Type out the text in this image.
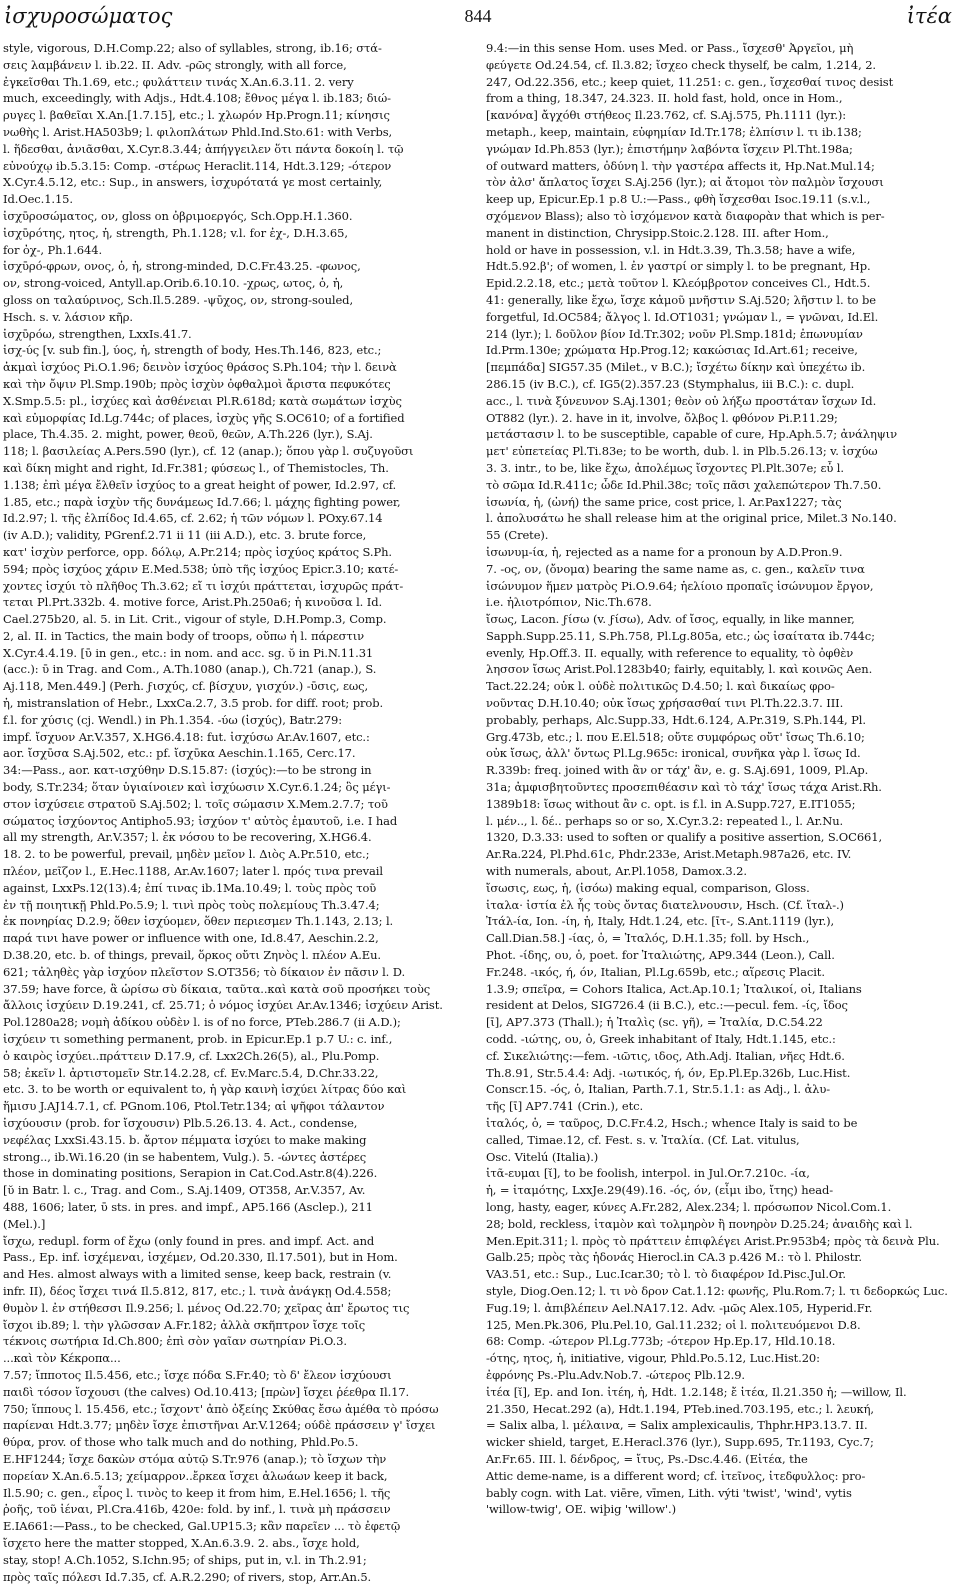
ἰσχυροσώματος	844	ἰτέα

style, vigorous, D.H.Comp.22; also of syllables, strong, ib.16; στά-

σεις λαμβάνειν l. ib.22. II. Adv. -ρῶς strongly, with all force,

ἐγκεῖσθαι Th.1.69, etc.; φυλάττειν τινάς X.An.6.3.11. 2. very

much, exceedingly, with Adjs., Hdt.4.108; ἔθνος μέγα l. ib.183; διώ-

ρυγες l. βαθεῖαι X.An.[1.7.15], etc.; l. χλωρόν Hp.Progn.11; κίνησις

νωθὴς l. Arist.HA503b9; l. φιλοπλάτων Phld.Ind.Sto.61: with Verbs,

l. ἥδεσθαι, ἀνιᾶσθαι, X.Cyr.8.3.44; ἀπήγγειλεν ὅτι πάντα δοκοίη l. τῷ

εὐνούχῳ ib.5.3.15: Comp. -στέρως Heraclit.114, Hdt.3.129; -ότερον

X.Cyr.4.5.12, etc.: Sup., in answers, ἰσχυρότατά γε most certainly,

Id.Oec.1.15.

ἰσχῡροσώματος, ον, gloss on ὀβριμοεργός, Sch.Opp.H.1.360.

ἰσχῡρότης, ητος, ἡ, strength, Ph.1.128; v.l. for ἐχ-, D.H.3.65,

for ὀχ-, Ph.1.644.

ἰσχῡρό-φρων, ονος, ὁ, ἡ, strong-minded, D.C.Fr.43.25. -φωνος,

ον, strong-voiced, Antyll.ap.Orib.6.10.10. -χρως, ωτος, ὁ, ἡ,

gloss on ταλαύρινος, Sch.Il.5.289. -ψῡχος, ον, strong-souled,

Hsch. s. v. λάσιον κῆρ.

ἰσχῡρόω, strengthen, LxxIs.41.7.

ἰσχ-ύς [v. sub fin.], ύος, ἡ, strength of body, Hes.Th.146, 823, etc.;

ἀκμαὶ ἰσχύος Pi.O.1.96; δεινὸν ἰσχύος θράσος S.Ph.104; τὴν l. δεινὰ

καὶ τὴν ὄψιν Pl.Smp.190b; πρὸς ἰσχὺν ὀφθαλμοὶ ἄριστα πεφυκότες

X.Smp.5.5: pl., ἰσχύες καὶ ἀσθένειαι Pl.R.618d; κατὰ σωμάτων ἰσχὺς

καὶ εὐμορφίας Id.Lg.744c; of places, ἰσχὺς γῆς S.OC610; of a fortified

place, Th.4.35. 2. might, power, θεοῦ, θεῶν, A.Th.226 (lyr.), S.Aj.

118; l. βασιλείας A.Pers.590 (lyr.), cf. 12 (anap.); ὅπου γὰρ l. συζυγοῦσι

καὶ δίκη might and right, Id.Fr.381; φύσεως l., of Themistocles, Th.

1.138; ἐπὶ μέγα ἔλθεῖν ἰσχύος to a great height of power, Id.2.97, cf.

1.85, etc.; παρὰ ἰσχὺν τῆς δυνάμεως Id.7.66; l. μάχης fighting power,

Id.2.97; l. τῆς ἐλπίδος Id.4.65, cf. 2.62; ἡ τῶν νόμων l. POxy.67.14

(iv A.D.); validity, PGrenf.2.71 ii 11 (iii A.D.), etc. 3. brute force,

κατ' ἰσχὺν perforce, opp. δόλῳ, A.Pr.214; πρὸς ἰσχύος κράτος S.Ph.

594; πρὸς ἰσχύος χάριν E.Med.538; ὑπὸ τῆς ἰσχύος Epicr.3.10; κατέ-

χοντες ἰσχύι τὸ πλῆθος Th.3.62; εἴ τι ἰσχύι πράττεται, ἰσχυρῶς πράτ-

τεται Pl.Prt.332b. 4. motive force, Arist.Ph.250a6; ἡ κινοῦσα l. Id.

Cael.275b20, al. 5. in Lit. Crit., vigour of style, D.H.Pomp.3, Comp.

2, al. II. in Tactics, the main body of troops, οὔπω ἡ l. πάρεστιν

X.Cyr.4.4.19. [ῡ in gen., etc.: in nom. and acc. sg. ῠ in Pi.N.11.31

(acc.): ῡ in Trag. and Com., A.Th.1080 (anap.), Ch.721 (anap.), S.

Aj.118, Men.449.] (Perh. ϝισχύς, cf. βίσχυν, γισχύν.) -ῡσις, εως,

ἡ, mistranslation of Hebr., LxxCa.2.7, 3.5 prob. for diff. root; prob.

f.l. for χύσις (cj. Wendl.) in Ph.1.354. -ύω (ἰσχύς), Batr.279:

impf. ἴσχυον Ar.V.357, X.HG6.4.18: fut. ἰσχύσω Ar.Av.1607, etc.:

aor. ἴσχῡσα S.Aj.502, etc.: pf. ἴσχῡκα Aeschin.1.165, Cerc.17.

34:—Pass., aor. κατ-ισχύθην D.S.15.87: (ἰσχύς):—to be strong in

body, S.Tr.234; ὅταν ὑγιαίνοιεν καὶ ἰσχύωσιν X.Cyr.6.1.24; ὃς μέγι-

στον ἰσχύσειε στρατοῦ S.Aj.502; l. τοῖς σώμασιν X.Mem.2.7.7; τοῦ

σώματος ἰσχύοντος Antipho5.93; ἰσχύον τ' αὐτὸς ἐμαυτοῦ, i.e. I had

all my strength, Ar.V.357; l. ἐκ νόσου to be recovering, X.HG6.4.

18. 2. to be powerful, prevail, μηδὲν μεῖον l. Διὸς A.Pr.510, etc.;

πλέον, μεῖζον l., E.Hec.1188, Ar.Av.1607; later l. πρός τινα prevail

against, LxxPs.12(13).4; ἐπί τινας ib.1Ma.10.49; l. τοὺς πρὸς τοῦ

ἐν τῇ ποιητικῇ Phld.Po.5.9; l. τινὶ πρὸς τοὺς πολεμίους Th.3.47.4;

ἐκ πονηρίας D.2.9; ὅθεν ἰσχύομεν, ὅθεν περιεσμεν Th.1.143, 2.13; l.

παρά τινι have power or influence with one, Id.8.47, Aeschin.2.2,

D.38.20, etc. b. of things, prevail, ὅρκος οὔτι Ζηνὸς l. πλέον A.Eu.

621; τἀληθὲς γὰρ ἰσχύον πλεῖστον S.OT356; τὸ δίκαιον ἐν πᾶσιν l. D.

37.59; have force, ἃ ὡρίσω σὺ δίκαια, ταῦτα..καὶ κατὰ σοῦ προσήκει τοὺς

ἄλλοις ἰσχύειν D.19.241, cf. 25.71; ὁ νόμος ἰσχύει Ar.Av.1346; ἰσχύειν Arist.

Pol.1280a28; νομὴ ἀδίκου οὐδὲν l. is of no force, PTeb.286.7 (ii A.D.);

ἰσχύειν τι something permanent, prob. in Epicur.Ep.1 p.7 U.: c. inf.,

ὁ καιρὸς ἰσχύει..πράττειν D.17.9, cf. Lxx2Ch.26(5), al., Plu.Pomp.

58; ἐκεῖν l. ἀρτιστομεῖν Str.14.2.28, cf. Ev.Marc.5.4, D.Chr.33.22,

etc. 3. to be worth or equivalent to, ἡ γὰρ καινὴ ἰσχύει λίτρας δύο καὶ

ἥμισυ J.AJ14.7.1, cf. PGnom.106, Ptol.Tetr.134; αἱ ψῆφοι τάλαντον

ἰσχύουσιν (prob. for ἴσχουσιν) Plb.5.26.13. 4. Act., condense,

νεφέλας LxxSi.43.15. b. ἄρτον πέμματα ἰσχύει to make making

strong.., ib.Wi.16.20 (in se habentem, Vulg.). 5. -ώντες ἀστέρες

those in dominating positions, Serapion in Cat.Cod.Astr.8(4).226.

[ῠ in Batr. l. c., Trag. and Com., S.Aj.1409, OT358, Ar.V.357, Av.

488, 1606; later, ῡ sts. in pres. and impf., AP5.166 (Asclep.), 211

(Mel.).]

ἴσχω, redupl. form of ἔχω (only found in pres. and impf. Act. and

Pass., Ep. inf. ἰσχέμεναι, ἰσχέμεν, Od.20.330, Il.17.501), but in Hom.

and Hes. almost always with a limited sense, keep back, restrain (v.

infr. II), δέος ἴσχει τινά Il.5.812, 817, etc.; l. τινὰ ἀνάγκῃ Od.4.558;

θυμὸν l. ἐν στήθεσσι Il.9.256; l. μένος Od.22.70; χεῖρας ἀπ' ἔρωτος τις

ἴσχοι ib.89; l. τὴν γλῶσσαν A.Fr.182; ἀλλὰ σκῆπτρον ἴσχε τοῖς

τέκνοις σωτήρια Id.Ch.800; ἐπὶ σὸν γαῖαν σωτηρίαν Pi.O.3.

...καὶ τὸν Κέκροπα...

7.57; ἴπποτος Il.5.456, etc.; ἴσχε πόδα S.Fr.40; τὸ δ' ἔλεον ἰσχύουσι

παιδὶ τόσον ἴσχουσι (the calves) Od.10.413; [πρὼν] ἴσχει ῥέεθρα Il.17.

750; ἵππους l. 15.456, etc.; ἴσχοντ' ἀπὸ ὀξείης Σκύθας ἔσω ἀμέθα τὸ πρόσω

παρίεναι Hdt.3.77; μηδὲν ἴσχε ἐπιστῆναι Ar.V.1264; ούδὲ πράσσειν γ' ἴσχει

θύρα, prov. of those who talk much and do nothing, Phld.Po.5.

E.HF1244; ἴσχε δακὼν στόμα αὐτῷ S.Tr.976 (anap.); τὸ ἴσχων τὴν

πορείαν X.An.6.5.13; χείμαρρον..ἔρκεα ἴσχει ἀλωάων keep it back,

Il.5.90; c. gen., εἶρος l. τινὸς to keep it from him, E.Hel.1656; l. τῆς

ῥοῆς, τοῦ ἰέναι, Pl.Cra.416b, 420e: fold. by inf., l. τινὰ μὴ πράσσειν

E.IA661:—Pass., to be checked, Gal.UP15.3; κἂν παρεῖεν ... τὸ ἐφετῷ

ἴσχετο here the matter stopped, X.An.6.3.9. 2. abs., ἴσχε hold,

stay, stop! A.Ch.1052, S.Ichn.95; of ships, put in, v.l. in Th.2.91;

πρὸς ταῖς πόλεσι Id.7.35, cf. A.R.2.290; of rivers, stop, Arr.An.5.

9.4:—in this sense Hom. uses Med. or Pass., ἴσχεσθ' Ἀργεῖοι, μὴ

φεύγετε Od.24.54, cf. Il.3.82; ἴσχεο check thyself, be calm, 1.214, 2.

247, Od.22.356, etc.; keep quiet, 11.251: c. gen., ἴσχεσθαί τινος desist

from a thing, 18.347, 24.323. II. hold fast, hold, once in Hom.,

[κανόνα] ἄγχόθι στήθεος Il.23.762, cf. S.Aj.575, Ph.1111 (lyr.):

metaph., keep, maintain, εὐφημίαν Id.Tr.178; ἐλπίσιν l. τι ib.138;

γνώμαν Id.Ph.853 (lyr.); ἐπιστήμην λαβόντα ἴσχειν Pl.Tht.198a;

of outward matters, ὀδύνη l. τὴν γαστέρα affects it, Hp.Nat.Mul.14;

τὸν ἀλσ' ἄπλατος ἴσχει S.Aj.256 (lyr.); αἱ ἄτομοι τὸν παλμὸν ἴσχουσι

keep up, Epicur.Ep.1 p.8 U.:—Pass., φθὴ ἴσχεσθαι Isoc.19.11 (s.v.l.,

σχόμενον Blass); also τὸ ἰσχόμενον κατὰ διαφορὰν that which is per-

manent in distinction, Chrysipp.Stoic.2.128. III. after Hom.,

hold or have in possession, v.l. in Hdt.3.39, Th.3.58; have a wife,

Hdt.5.92.β'; of women, l. ἐν γαστρί or simply l. to be pregnant, Hp.

Epid.2.2.18, etc.; μετὰ τοῦτον l. Κλεόμβροτον conceives Cl., Hdt.5.

41: generally, like ἔχω, ἴσχε κἀμοῦ μνῆστιν S.Aj.520; λῆστιν l. to be

forgetful, Id.OC584; ἄλγος l. Id.OT1031; γνώμαν l., = γνῶναι, Id.El.

214 (lyr.); l. δοῦλον βίον Id.Tr.302; νοῦν Pl.Smp.181d; ἐπωνυμίαν

Id.Prm.130e; χρώματα Hp.Prog.12; κακώσιας Id.Art.61; receive,

[πεμπάδα] SIG57.35 (Milet., v B.C.); ἴσχέτω δίκην καὶ ὑπεχέτω ib.

286.15 (iv B.C.), cf. IG5(2).357.23 (Stymphalus, iii B.C.): c. dupl.

acc., l. τινὰ ξύνευνον S.Aj.1301; θεὸν οὐ λήξω προστάταν ἴσχων Id.

OT882 (lyr.). 2. have in it, involve, ὄλβος l. φθόνον Pi.P.11.29;

μετάστασιν l. to be susceptible, capable of cure, Hp.Aph.5.7; ἀνάληψιν

μετ' εὐπετείας Pl.Ti.83e; to be worth, dub. l. in Plb.5.26.13; v. ἰσχύω

3. 3. intr., to be, like ἔχω, ἀπολέμως ἴσχοντες Pl.Plt.307e; εὖ l.

τὸ σῶμα Id.R.411c; ὧδε Id.Phil.38c; τοῖς πᾶσι χαλεπώτερον Th.7.50.

ἰσωνία, ἡ, (ὠνή) the same price, cost price, l. Ar.Pax1227; τὰς

l. ἀπολυσάτω he shall release him at the original price, Milet.3 No.140.

55 (Crete).

ἰσωνυμ-ία, ἡ, rejected as a name for a pronoun by A.D.Pron.9.

7. -ος, ον, (ὄνομα) bearing the same name as, c. gen., καλεῖν τινα

ἰσώνυμον ἥμεν ματρὸς Pi.O.9.64; ἡελίοιο προπαῖς ἰσώνυμον ἔργον,

i.e. ἡλιοτρόπιον, Nic.Th.678.

ἴσως, Lacon. ϝίσω (v. ϝίσω), Adv. of ἴσος, equally, in like manner,

Sapph.Supp.25.11, S.Ph.758, Pl.Lg.805a, etc.; ὡς ἰσαίτατα ib.744c;

evenly, Hp.Off.3. II. equally, with reference to equality, τὸ ὀφθὲν

λησσον ἴσως Arist.Pol.1283b40; fairly, equitably, l. καὶ κοινῶς Aen.

Tact.22.24; οὐκ l. οὐδὲ πολιτικῶς D.4.50; l. καὶ δικαίως φρο-

νοῦντας D.H.10.40; οὐκ ἴσως χρήσασθαί τινι Pl.Th.22.3.7. III.

probably, perhaps, Alc.Supp.33, Hdt.6.124, A.Pr.319, S.Ph.144, Pl.

Grg.473b, etc.; l. που E.El.518; οὔτε συμφόρως οὔτ' ἴσως Th.6.10;

οὐκ ἴσως, ἀλλ' ὄντως Pl.Lg.965c: ironical, συνῆκα γὰρ l. ἴσως Id.

R.339b: freq. joined with ἂν or τάχ' ἂν, e. g. S.Aj.691, 1009, Pl.Ap.

31a; ἀμφισβητοῦντες προσεπιθέασιν καὶ τὸ τάχ' ἴσως τάχα Arist.Rh.

1389b18: ἴσως without ἂν c. opt. is f.l. in A.Supp.727, E.IT1055;

l. μέν.., l. δέ.. perhaps so or so, X.Cyr.3.2: repeated l., l. Ar.Nu.

1320, D.3.33: used to soften or qualify a positive assertion, S.OC661,

Ar.Ra.224, Pl.Phd.61c, Phdr.233e, Arist.Metaph.987a26, etc. IV.

with numerals, about, Ar.Pl.1058, Damox.3.2.

ἴσωσις, εως, ἡ, (ἰσόω) making equal, comparison, Gloss.

ἰταλα· ἰστία ἐλ ἧς τοὺς ὄντας διατελνουσιν, Hsch. (Cf. ἴταλ-.)

Ἰτάλ-ία, Ion. -ίη, ἡ, Italy, Hdt.1.24, etc. [ῑτ-, S.Ant.1119 (lyr.),

Call.Dian.58.] -ίας, ὁ, = Ἰταλός, D.H.1.35; foll. by Hsch.,

Phot. -ίδης, ου, ὁ, poet. for Ἰταλιώτης, AP9.344 (Leon.), Call.

Fr.248. -ικός, ή, όν, Italian, Pl.Lg.659b, etc.; αἵρεσις Placit.

1.3.9; σπεῖρα, = Cohors Italica, Act.Ap.10.1; Ἰταλικοί, οἱ, Italians

resident at Delos, SIG726.4 (ii B.C.), etc.:—pecul. fem. -ίς, ἴδος

[ῑ], AP7.373 (Thall.); ἡ Ἰταλὶς (sc. γῆ), = Ἰταλία, D.C.54.22

codd. -ιώτης, ου, ὁ, Greek inhabitant of Italy, Hdt.1.145, etc.:

cf. Σικελιώτης:—fem. -ιῶτις, ιδος, Ath.Adj. Italian, νῆες Hdt.6.

Th.8.91, Str.5.4.4: Adj. -ιωτικός, ή, όν, Ep.Pl.Ep.326b, Luc.Hist.

Conscr.15. -ός, ὁ, Italian, Parth.7.1, Str.5.1.1: as Adj., l. ἀλυ-

τῆς [ῑ] AP7.741 (Crin.), etc.

ἰταλός, ὁ, = ταῦρος, D.C.Fr.4.2, Hsch.; whence Italy is said to be

called, Timae.12, cf. Fest. s. v. Ἰταλία. (Cf. Lat. vitulus,

Osc. Vitelú (Italia).)

ἰτᾶ-ευμαι [ῐ], to be foolish, interpol. in Jul.Or.7.210c. -ία,

ἡ, = ἰταμότης, LxxJe.29(49).16. -ός, όν, (εἶμι ibo, ἴτης) head-

long, hasty, eager, κύνες A.Fr.282, Alex.234; l. πρόσωπον Nicol.Com.1.

28; bold, reckless, ἰταμὸν καὶ τολμηρὸν ἢ πονηρὸν D.25.24; ἀναιδὴς καὶ l.

Men.Epit.311; l. πρὸς τὸ πράττειν ἐπιφλέγει Arist.Pr.953b4; πρὸς τὰ δεινὰ Plu.

Galb.25; πρὸς τὰς ἡδονάς Hierocl.in CA.3 p.426 M.: τὸ l. Philostr.

VA3.51, etc.: Sup., Luc.Icar.30; τὸ l. τὸ διαφέρον Id.Pisc.Jul.Or.

style, Diog.Oen.12; l. τι νὸ δρον Cat.1.12: φωνῆς, Plu.Rom.7; l. τι δεδορκώς Luc.

Fug.19; l. ἀπιβλέπειν Ael.NA17.12. Adv. -μῶς Alex.105, Hyperid.Fr.

125, Men.Pk.306, Plu.Pel.10, Gal.11.232; οἱ l. πολιτευόμενοι D.8.

68: Comp. -ώτερον Pl.Lg.773b; -ότερον Hp.Ep.17, Hld.10.18.

-ότης, ητος, ἡ, initiative, vigour, Phld.Po.5.12, Luc.Hist.20:

ἐφρόνης Ps.-Plu.Adv.Nob.7. -ώτερος Plb.12.9.

ἰτέα [ῐ], Ep. and Ion. ἰτέη, ἡ, Hdt. 1.2.148; ἔ ἰτέα, Il.21.350 ἡ; —willow, Il.

21.350, Hecat.292 (a), Hdt.1.194, PTeb.ined.703.195, etc.; l. λευκή,

= Salix alba, l. μέλαινα, = Salix amplexicaulis, Thphr.HP3.13.7. II.

wicker shield, target, E.Heracl.376 (lyr.), Supp.695, Tr.1193, Cyc.7;

Ar.Fr.65. III. l. δένδρος, = ἴτυς, Ps.-Dsc.4.46. (Eἰτέα, the

Attic deme-name, is a different word; cf. ἰτεῖνος, ἰτεδφυλλος: pro-

bably cogn. with Lat. viēre, vīmen, Lith. výti 'twist', 'wind', vytis

'willow-twig', OE. wiþig 'willow'.)
